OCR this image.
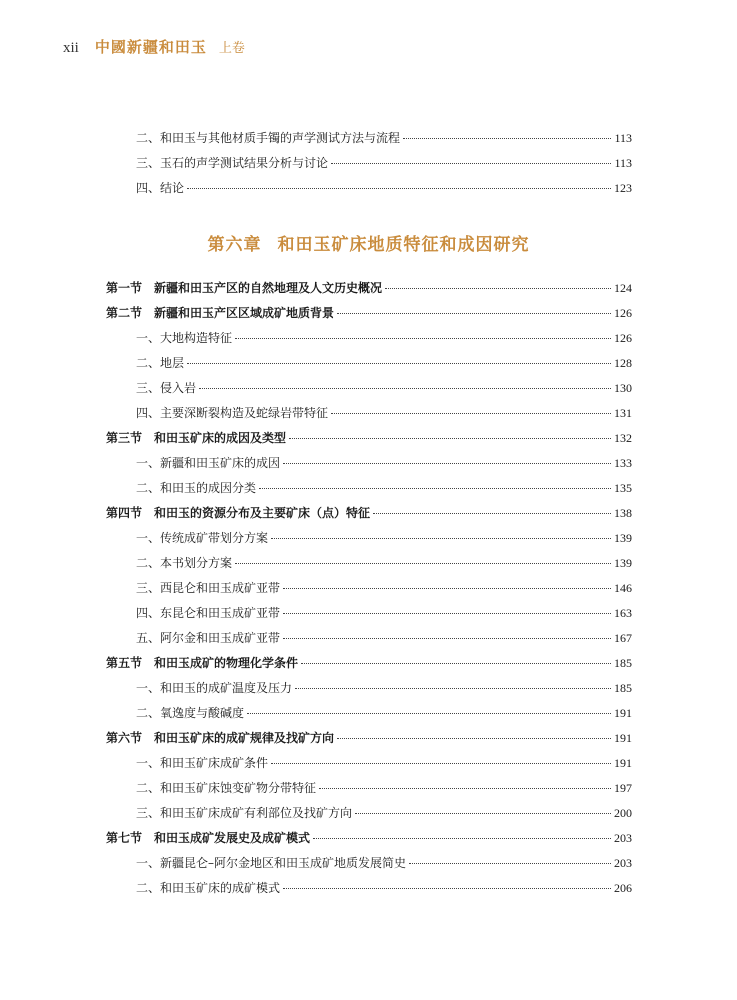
xii 中國新疆和田玉 上卷
二、和田玉与其他材质手镯的声学测试方法与流程	113
三、玉石的声学测试结果分析与讨论	113
四、结论	123
第六章 和田玉矿床地质特征和成因研究
第一节 新疆和田玉产区的自然地理及人文历史概况	124
第二节 新疆和田玉产区区域成矿地质背景	126
一、大地构造特征	126
二、地层	128
三、侵入岩	130
四、主要深断裂构造及蛇绿岩带特征	131
第三节 和田玉矿床的成因及类型	132
一、新疆和田玉矿床的成因	133
二、和田玉的成因分类	135
第四节 和田玉的资源分布及主要矿床（点）特征	138
一、传统成矿带划分方案	139
二、本书划分方案	139
三、西昆仑和田玉成矿亚带	146
四、东昆仑和田玉成矿亚带	163
五、阿尔金和田玉成矿亚带	167
第五节 和田玉成矿的物理化学条件	185
一、和田玉的成矿温度及压力	185
二、氧逸度与酸碱度	191
第六节 和田玉矿床的成矿规律及找矿方向	191
一、和田玉矿床成矿条件	191
二、和田玉矿床蚀变矿物分带特征	197
三、和田玉矿床成矿有利部位及找矿方向	200
第七节 和田玉成矿发展史及成矿模式	203
一、新疆昆仑–阿尔金地区和田玉成矿地质发展简史	203
二、和田玉矿床的成矿模式	206
